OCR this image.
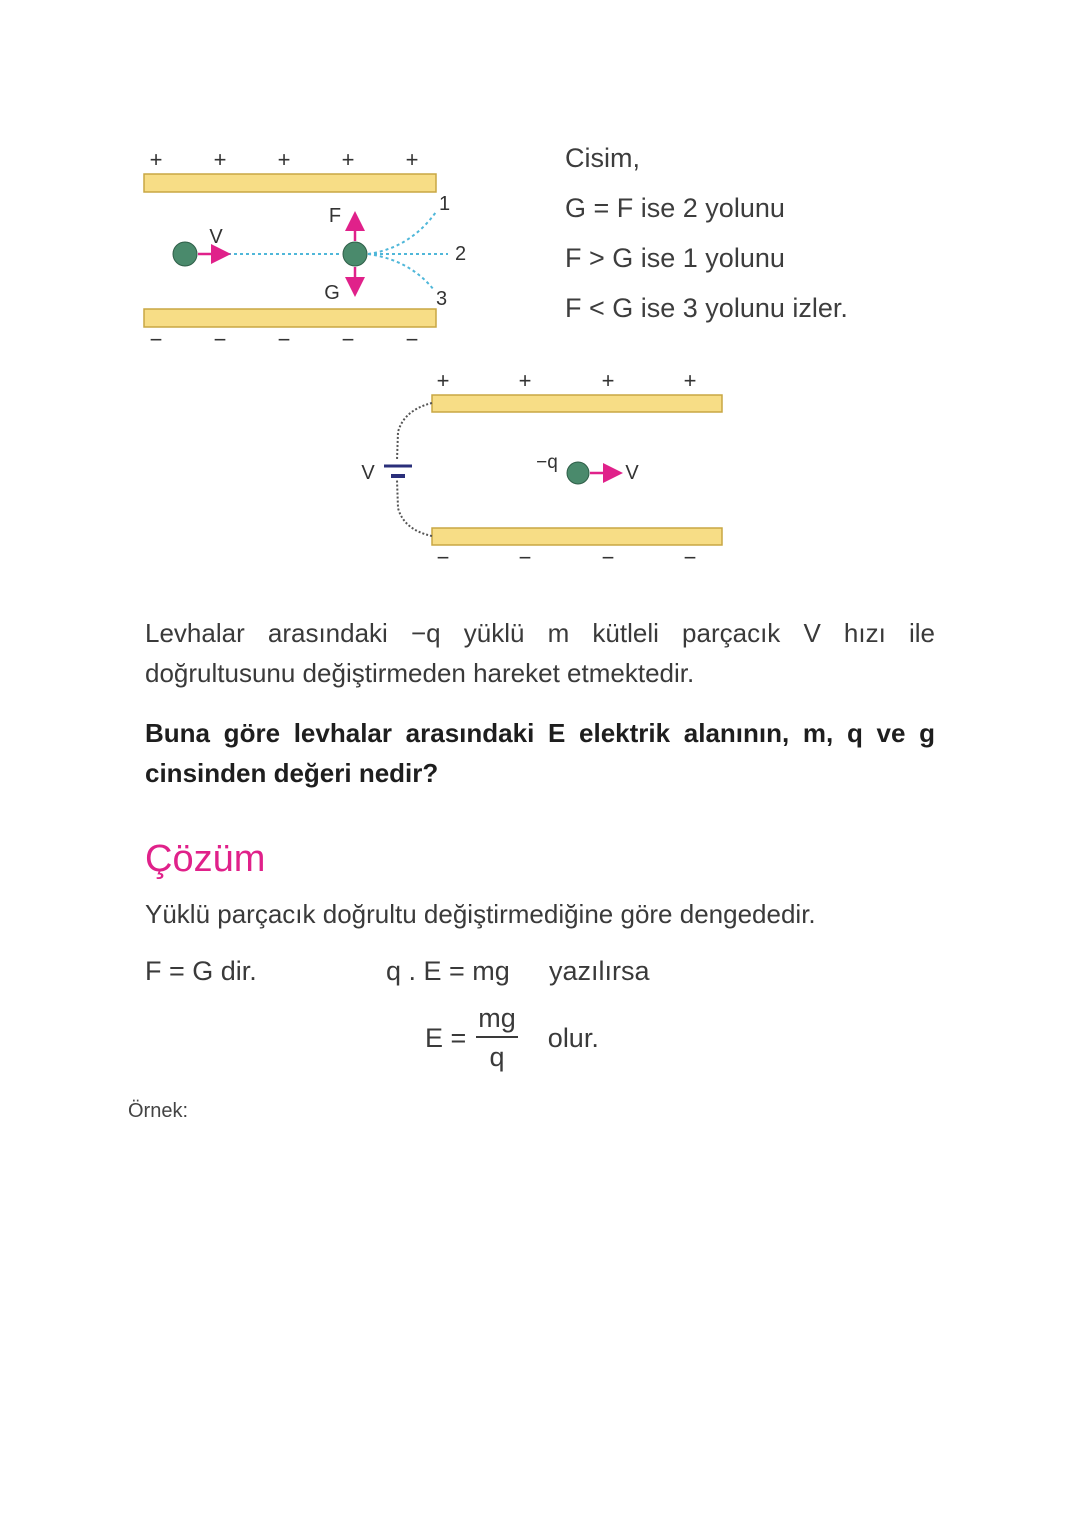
+ + + + +
− − − − −
V
F
G
1
2
3
Cisim,
G = F ise 2 yolunu
F > G ise 1 yolunu
F < G ise 3 yolunu izler.
+	+	+	+
−	−	−	−
V	−q	V
Levhalar arasındaki −q yüklü m kütleli parçacık V hızı ile
doğrultusunu değiştirmeden hareket etmektedir.
Buna göre levhalar arasındaki E elektrik alanının, m, q ve g
cinsinden değeri nedir?
Çözüm
Yüklü parçacık doğrultu değiştirmediğine göre dengededir.
F = G dir.	q . E = mg yazılırsa
$E = \frac{mg}{q}$ olur.
Örnek:
